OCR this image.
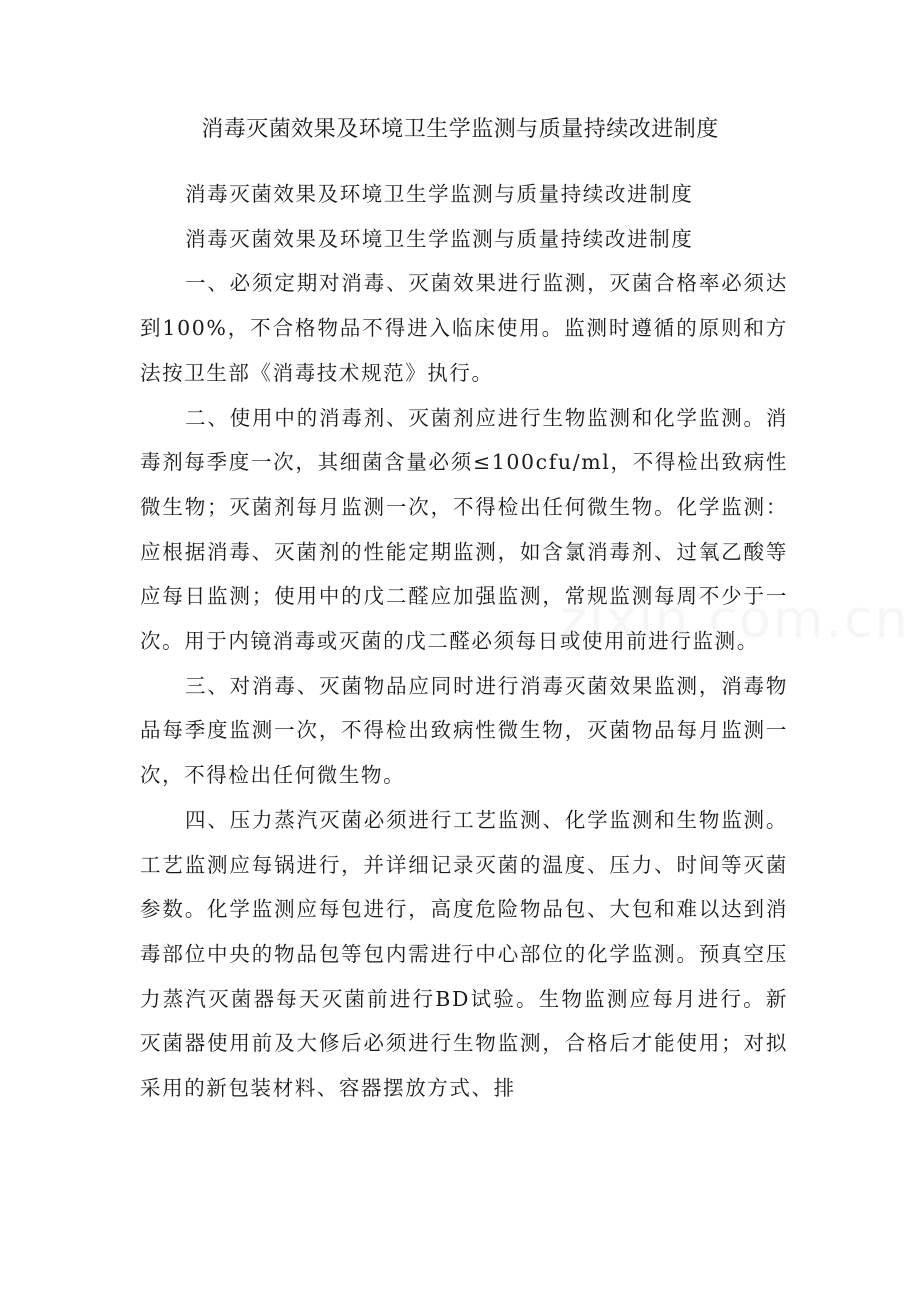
消毒灭菌效果及环境卫生学监测与质量持续改进制度

消毒灭菌效果及环境卫生学监测与质量持续改进制度

消毒灭菌效果及环境卫生学监测与质量持续改进制度

一、必须定期对消毒、灭菌效果进行监测，灭菌合格率必须达到100%，不合格物品不得进入临床使用。监测时遵循的原则和方法按卫生部《消毒技术规范》执行。

二、使用中的消毒剂、灭菌剂应进行生物监测和化学监测。消毒剂每季度一次，其细菌含量必须≤100cfu/ml，不得检出致病性微生物；灭菌剂每月监测一次，不得检出任何微生物。化学监测：应根据消毒、灭菌剂的性能定期监测，如含氯消毒剂、过氧乙酸等应每日监测；使用中的戊二醛应加强监测，常规监测每周不少于一次。用于内镜消毒或灭菌的戊二醛必须每日或使用前进行监测。

三、对消毒、灭菌物品应同时进行消毒灭菌效果监测，消毒物品每季度监测一次，不得检出致病性微生物，灭菌物品每月监测一次，不得检出任何微生物。

四、压力蒸汽灭菌必须进行工艺监测、化学监测和生物监测。工艺监测应每锅进行，并详细记录灭菌的温度、压力、时间等灭菌参数。化学监测应每包进行，高度危险物品包、大包和难以达到消毒部位中央的物品包等包内需进行中心部位的化学监测。预真空压力蒸汽灭菌器每天灭菌前进行BD试验。生物监测应每月进行。新灭菌器使用前及大修后必须进行生物监测，合格后才能使用；对拟采用的新包装材料、容器摆放方式、排

zixin.com.cn
